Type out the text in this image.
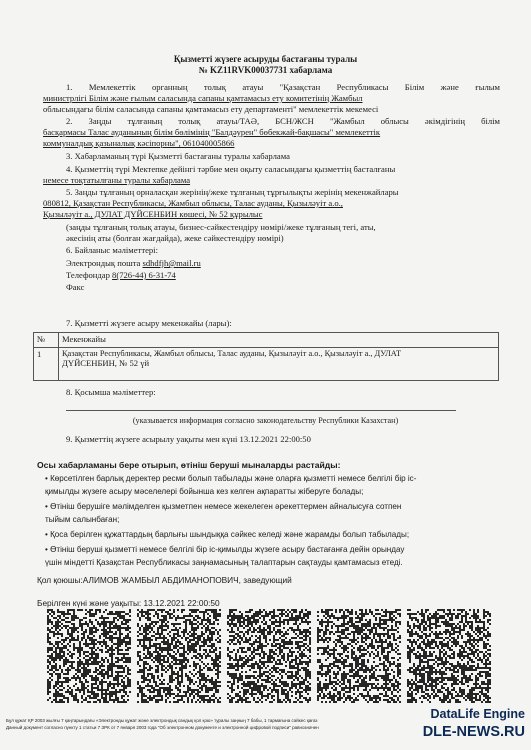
Қызметті жүзеге асыруды бастағаны туралы
№ KZ11RVK00037731 хабарлама
1. Мемлекеттік органның толық атауы "Қазақстан Республикасы Білім және ғылым
министрлігі Білім және ғылым саласында сапаны қамтамасыз ету комитетінің Жамбыл
облысындағы білім саласында сапаны қамтамасыз ету департаменті" мемлекеттік мекемесі
2. Заңды тұлғаның толық атауы/ТАӘ, БСН/ЖСН "Жамбыл облысы әкімдігінің білім
басқармасы Талас ауданының білім бөлімінің "Балдәурен" бөбекжай-бақшасы" мемлекеттік
коммуналдық қазыналық кәсіпорны", 061040005866
3. Хабарламаның түрі Қызметті бастағаны туралы хабарлама
4. Қызметтің түрі Мектепке дейінгі тәрбие мен оқыту саласындағы қызметтің басталғаны
немесе тоқтатылғаны туралы хабарлама
5. Заңды тұлғаның орналасқан жерінің/жеке тұлғаның тұрғылықты жерінің мекенжайлары
080812, Қазақстан Республикасы, Жамбыл облысы, Талас ауданы, Қызыләуіт а.о.,
Қызыләуіт а., ДУЛАТ ДҮЙСЕНБИН көшесі, № 52 құрылыс
(заңды тұлғаның толық атауы, бизнес-сәйкестендіру нөмірі/жеке тұлғаның тегі, аты,
әкесінің аты (болған жағдайда), жеке сәйкестендіру нөмірі)
6. Байланыс мәліметтері:
Электрондық поштa sdhdfjh@mail.ru
Телефондар 8(726-44) 6-31-74
Факс
7. Қызметті жүзеге асыру мекенжайы (лары):
№	Мекенжайы
1	Қазақстан Республикасы, Жамбыл облысы, Талас ауданы, Қызыләуіт а.о., Қызыләуіт а., ДУЛАТ
ДҮЙСЕНБИН, № 52 үй
8. Қосымша мәліметтер:
(указывается информация согласно законодательству Республики Казахстан)
9. Қызметтің жүзеге асырылу уақыты мен күні 13.12.2021 22:00:50
Осы хабарламаны бере отырып, өтініш беруші мыналарды растайды:
• Көрсетілген барлық деректер ресми болып табылады және оларға қызметті немесе белгілі бір іс-
қимылды жүзеге асыру мәселелері бойынша кез келген ақпаратты жіберуге болады;
• Өтініш берушіге мәлімделген қызметпен немесе жекелеген әрекеттермен айналысуға сотпен
тыйым салынбаған;
• Қоса берілген құжаттардың барлығы шындыққа сәйкес келеді және жарамды болып табылады;
• Өтініш беруші қызметті немесе белгілі бір іс-қимылды жүзеге асыру бастағанға дейін орындау
үшін міндетті Қазақстан Республикасы заңнамасының талаптарын сақтауды қамтамасыз етеді.
Қол қоюшы:АЛИМОВ ЖАМБЫЛ АБДИМАНОПОВИЧ, заведующий
Берілген күні және уақыты: 13.12.2021 22:00:50
Бұл құжат ҚР 2003 жылғы 7 қаңтарындағы «Электронды құжат және электрондық сандық қол қою» туралы заңның 7 бабы, 1 тармағына сәйкес қағаз
Данный документ согласно пункту 1 статьи 7 ЗРК от 7 января 2003 года "Об электронном документе и электронной цифровой подписи" равнозначен
DataLife Engine
DLE-NEWS.RU
